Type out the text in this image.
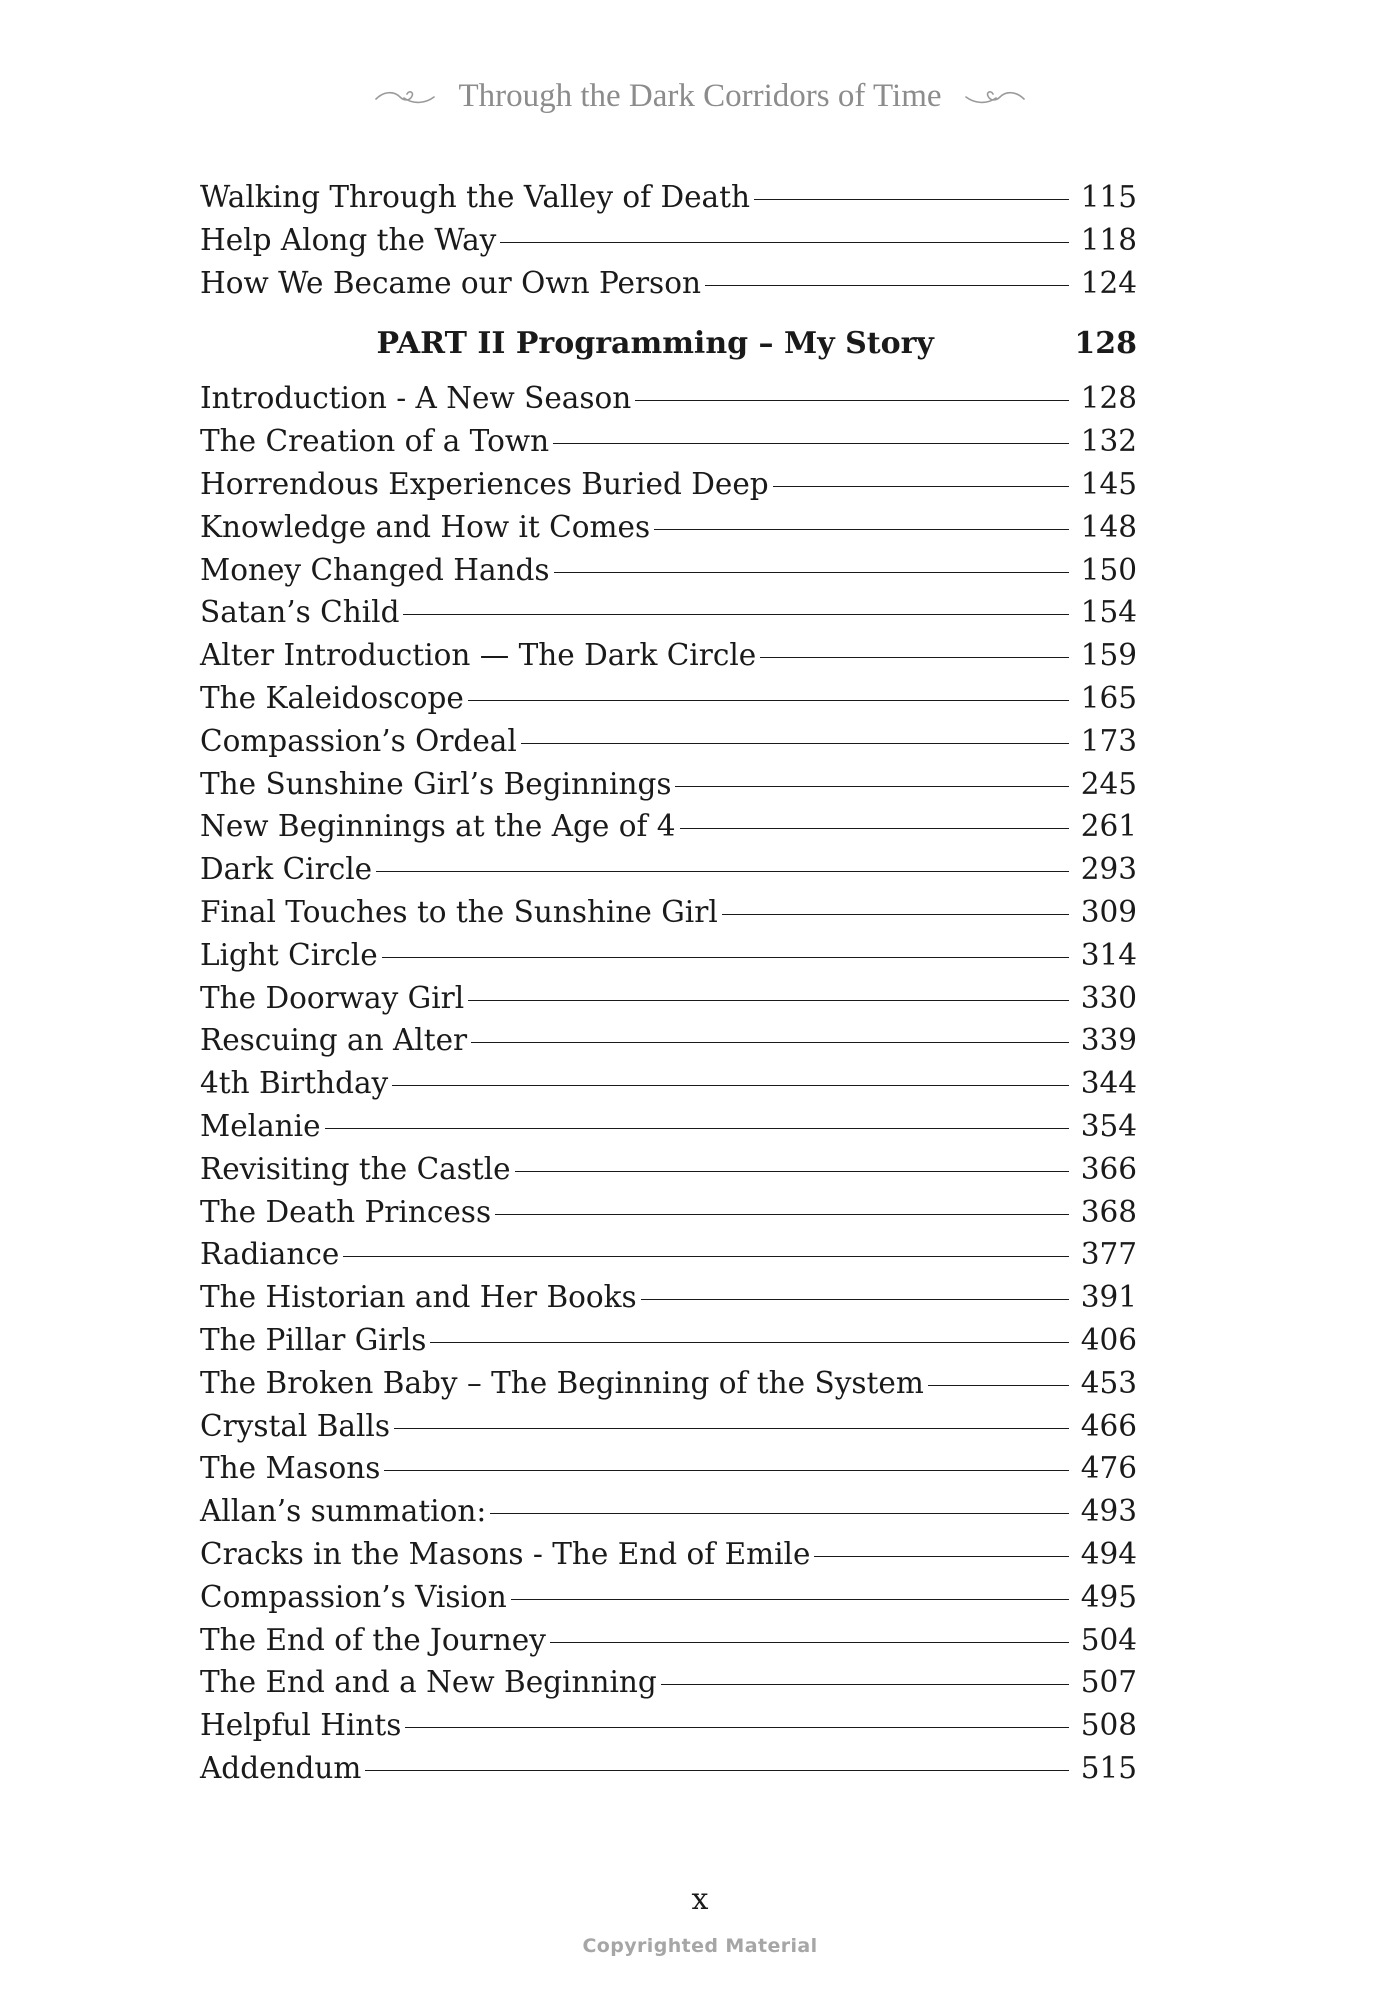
Through the Dark Corridors of Time
Walking Through the Valley of Death	115
Help Along the Way	118
How We Became our Own Person	124
PART II Programming – My Story	128
Introduction - A New Season	128
The Creation of a Town	132
Horrendous Experiences Buried Deep	145
Knowledge and How it Comes	148
Money Changed Hands	150
Satan’s Child	154
Alter Introduction — The Dark Circle	159
The Kaleidoscope	165
Compassion’s Ordeal	173
The Sunshine Girl’s Beginnings	245
New Beginnings at the Age of 4	261
Dark Circle	293
Final Touches to the Sunshine Girl	309
Light Circle	314
The Doorway Girl	330
Rescuing an Alter	339
4th Birthday	344
Melanie	354
Revisiting the Castle	366
The Death Princess	368
Radiance	377
The Historian and Her Books	391
The Pillar Girls	406
The Broken Baby – The Beginning of the System	453
Crystal Balls	466
The Masons	476
Allan’s summation:	493
Cracks in the Masons - The End of Emile	494
Compassion’s Vision	495
The End of the Journey	504
The End and a New Beginning	507
Helpful Hints	508
Addendum	515
x
Copyrighted Material
